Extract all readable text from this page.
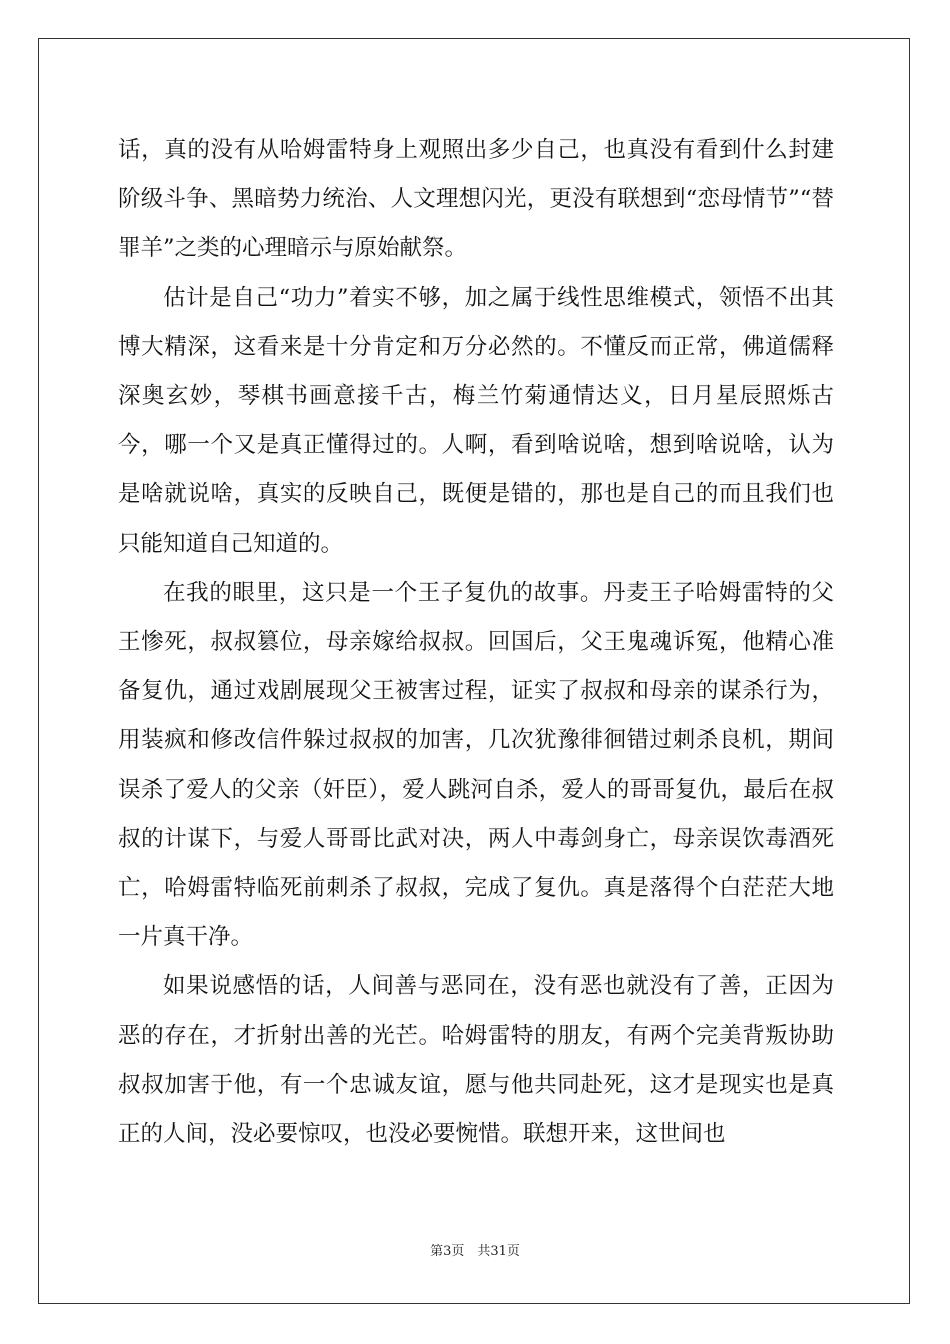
话，真的没有从哈姆雷特身上观照出多少自己，也真没有看到什么封建阶级斗争、黑暗势力统治、人文理想闪光，更没有联想到“恋母情节”“替罪羊”之类的心理暗示与原始献祭。

估计是自己“功力”着实不够，加之属于线性思维模式，领悟不出其博大精深，这看来是十分肯定和万分必然的。不懂反而正常，佛道儒释深奥玄妙，琴棋书画意接千古，梅兰竹菊通情达义，日月星辰照烁古今，哪一个又是真正懂得过的。人啊，看到啥说啥，想到啥说啥，认为是啥就说啥，真实的反映自己，既便是错的，那也是自己的而且我们也只能知道自己知道的。

在我的眼里，这只是一个王子复仇的故事。丹麦王子哈姆雷特的父王惨死，叔叔篡位，母亲嫁给叔叔。回国后，父王鬼魂诉冤，他精心准备复仇，通过戏剧展现父王被害过程，证实了叔叔和母亲的谋杀行为，用装疯和修改信件躲过叔叔的加害，几次犹豫徘徊错过刺杀良机，期间误杀了爱人的父亲（奸臣），爱人跳河自杀，爱人的哥哥复仇，最后在叔叔的计谋下，与爱人哥哥比武对决，两人中毒剑身亡，母亲误饮毒酒死亡，哈姆雷特临死前刺杀了叔叔，完成了复仇。真是落得个白茫茫大地一片真干净。

如果说感悟的话，人间善与恶同在，没有恶也就没有了善，正因为恶的存在，才折射出善的光芒。哈姆雷特的朋友，有两个完美背叛协助叔叔加害于他，有一个忠诚友谊，愿与他共同赴死，这才是现实也是真正的人间，没必要惊叹，也没必要惋惜。联想开来，这世间也

第3页　共31页
